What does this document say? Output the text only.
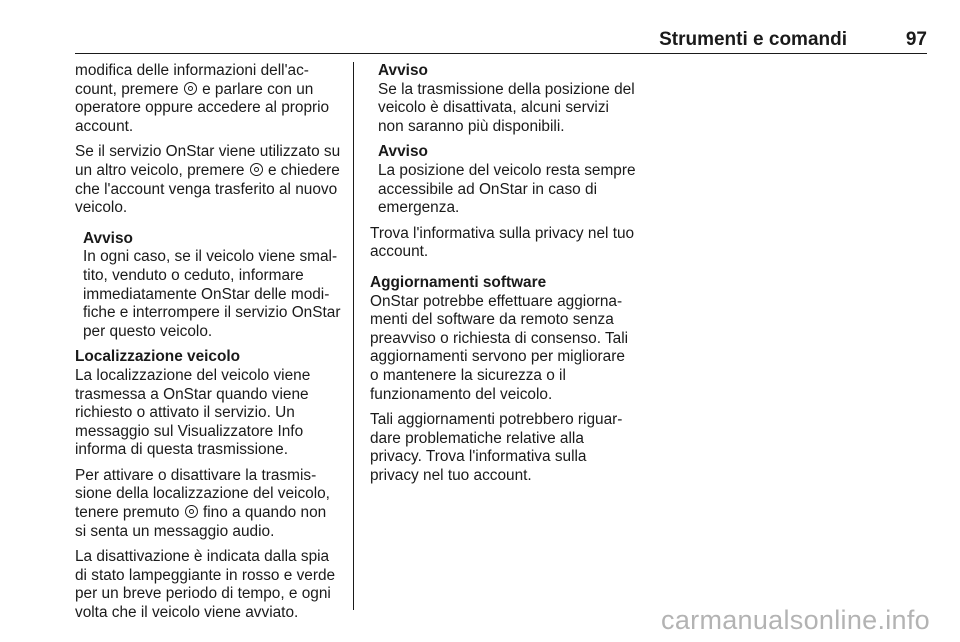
Strumenti e comandi	97

modifica delle informazioni dell'account, premere e parlare con un operatore oppure accedere al proprio account.

Se il servizio OnStar viene utilizzato su un altro veicolo, premere e chiedere che l'account venga trasferito al nuovo veicolo.

Avviso
In ogni caso, se il veicolo viene smaltito, venduto o ceduto, informare immediatamente OnStar delle modifiche e interrompere il servizio OnStar per questo veicolo.
Localizzazione veicolo

La localizzazione del veicolo viene trasmessa a OnStar quando viene richiesto o attivato il servizio. Un messaggio sul Visualizzatore Info informa di questa trasmissione.

Per attivare o disattivare la trasmissione della localizzazione del veicolo, tenere premuto fino a quando non si senta un messaggio audio.

La disattivazione è indicata dalla spia di stato lampeggiante in rosso e verde per un breve periodo di tempo, e ogni volta che il veicolo viene avviato.

Avviso
Se la trasmissione della posizione del veicolo è disattivata, alcuni servizi non saranno più disponibili.
Avviso
La posizione del veicolo resta sempre accessibile ad OnStar in caso di emergenza.

Trova l'informativa sulla privacy nel tuo account.

Aggiornamenti software

OnStar potrebbe effettuare aggiornamenti del software da remoto senza preavviso o richiesta di consenso. Tali aggiornamenti servono per migliorare o mantenere la sicurezza o il funzionamento del veicolo.

Tali aggiornamenti potrebbero riguardare problematiche relative alla privacy. Trova l'informativa sulla privacy nel tuo account.

carmanualsonline.info
